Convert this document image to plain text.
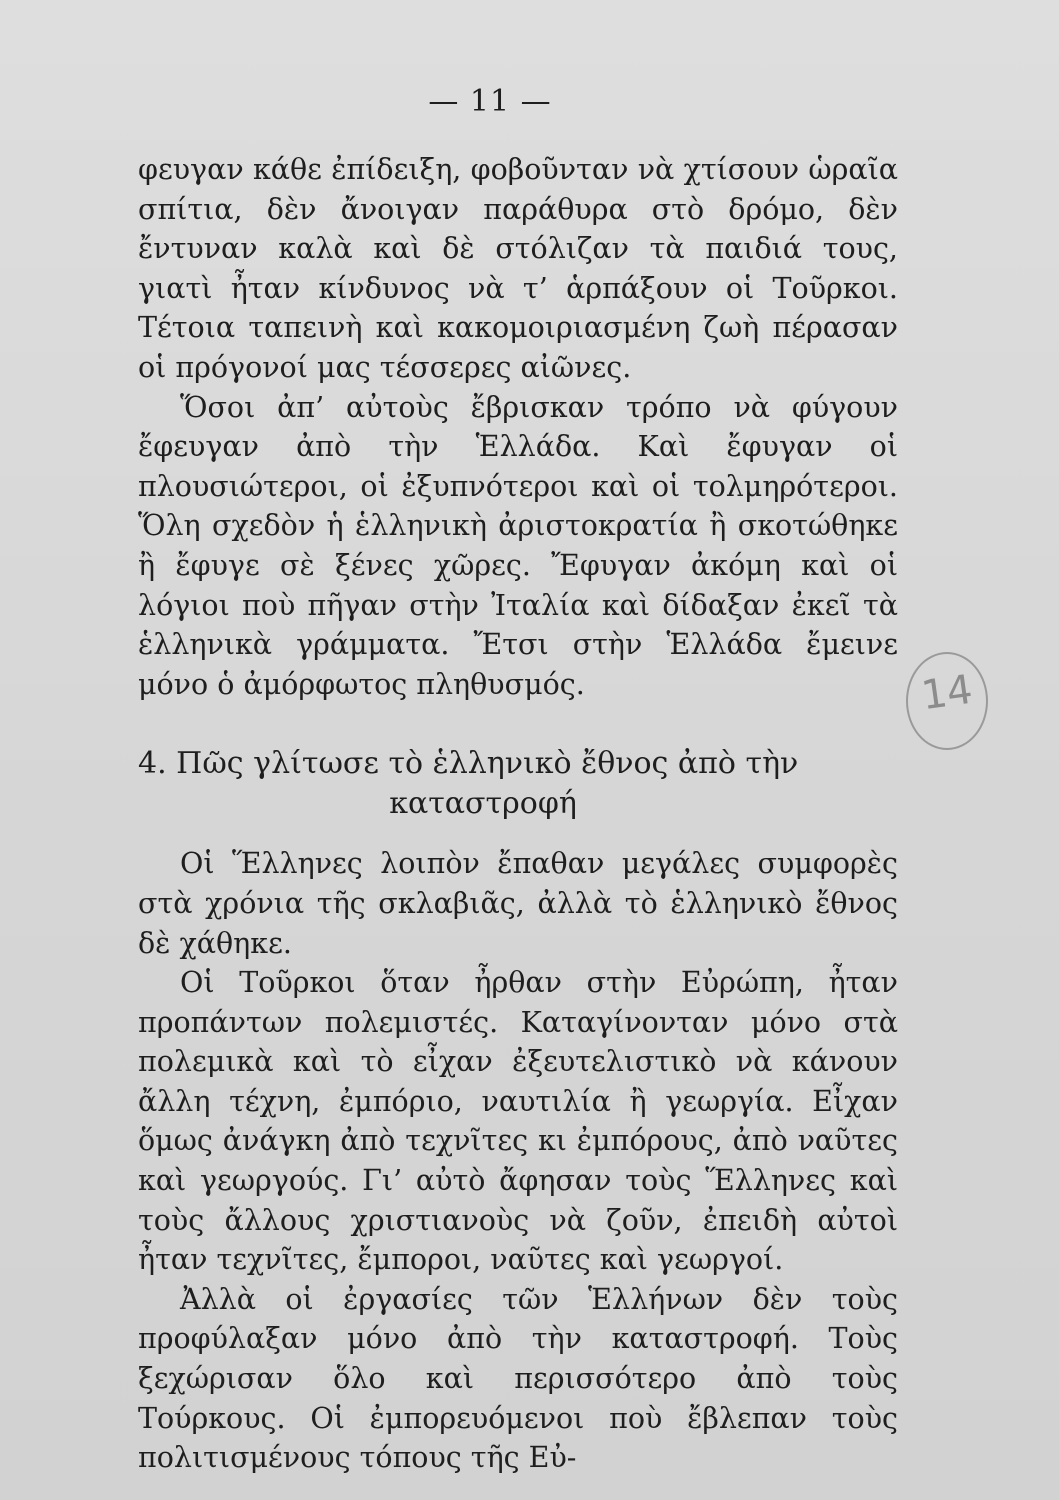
— 11 —

φευγαν κάθε ἐπίδειξη, φοβοῦνταν νὰ χτίσουν ὡραῖα σπίτια, δὲν ἄνοιγαν παράθυρα στὸ δρόμο, δὲν ἔντυναν καλὰ καὶ δὲ στόλιζαν τὰ παιδιά τους, γιατὶ ἦταν κίνδυνος νὰ τ’ ἁρπάξουν οἱ Τοῦρκοι. Τέτοια ταπεινὴ καὶ κακομοιριασμένη ζωὴ πέρασαν οἱ πρόγονοί μας τέσσερες αἰῶνες.

Ὅσοι ἀπ’ αὐτοὺς ἔβρισκαν τρόπο νὰ φύγουν ἔφευγαν ἀπὸ τὴν Ἑλλάδα. Καὶ ἔφυγαν οἱ πλουσιώτεροι, οἱ ἐξυπνότεροι καὶ οἱ τολμηρότεροι. Ὅλη σχεδὸν ἡ ἑλληνικὴ ἀριστοκρατία ἢ σκοτώθηκε ἢ ἔφυγε σὲ ξένες χῶρες. Ἔφυγαν ἀκόμη καὶ οἱ λόγιοι ποὺ πῆγαν στὴν Ἰταλία καὶ δίδαξαν ἐκεῖ τὰ ἑλληνικὰ γράμματα. Ἔτσι στὴν Ἑλλάδα ἔμεινε μόνο ὁ ἀμόρφωτος πληθυσμός.

4. Πῶς γλίτωσε τὸ ἑλληνικὸ ἔθνος ἀπὸ τὴν
καταστροφή

Οἱ Ἕλληνες λοιπὸν ἔπαθαν μεγάλες συμφορὲς στὰ χρόνια τῆς σκλαβιᾶς, ἀλλὰ τὸ ἑλληνικὸ ἔθνος δὲ χάθηκε.

Οἱ Τοῦρκοι ὅταν ἦρθαν στὴν Εὐρώπη, ἦταν προπάντων πολεμιστές. Καταγίνονταν μόνο στὰ πολεμικὰ καὶ τὸ εἶχαν ἐξευτελιστικὸ νὰ κάνουν ἄλλη τέχνη, ἐμπόριο, ναυτιλία ἢ γεωργία. Εἶχαν ὅμως ἀνάγκη ἀπὸ τεχνῖτες κι ἐμπόρους, ἀπὸ ναῦτες καὶ γεωργούς. Γι’ αὐτὸ ἄφησαν τοὺς Ἕλληνες καὶ τοὺς ἄλλους χριστιανοὺς νὰ ζοῦν, ἐπειδὴ αὐτοὶ ἦταν τεχνῖτες, ἔμποροι, ναῦτες καὶ γεωργοί.

Ἀλλὰ οἱ ἐργασίες τῶν Ἑλλήνων δὲν τοὺς προφύλαξαν μόνο ἀπὸ τὴν καταστροφή. Τοὺς ξεχώρισαν ὅλο καὶ περισσότερο ἀπὸ τοὺς Τούρκους. Οἱ ἐμπορευόμενοι ποὺ ἔβλεπαν τοὺς πολιτισμένους τόπους τῆς Εὐ-

14
